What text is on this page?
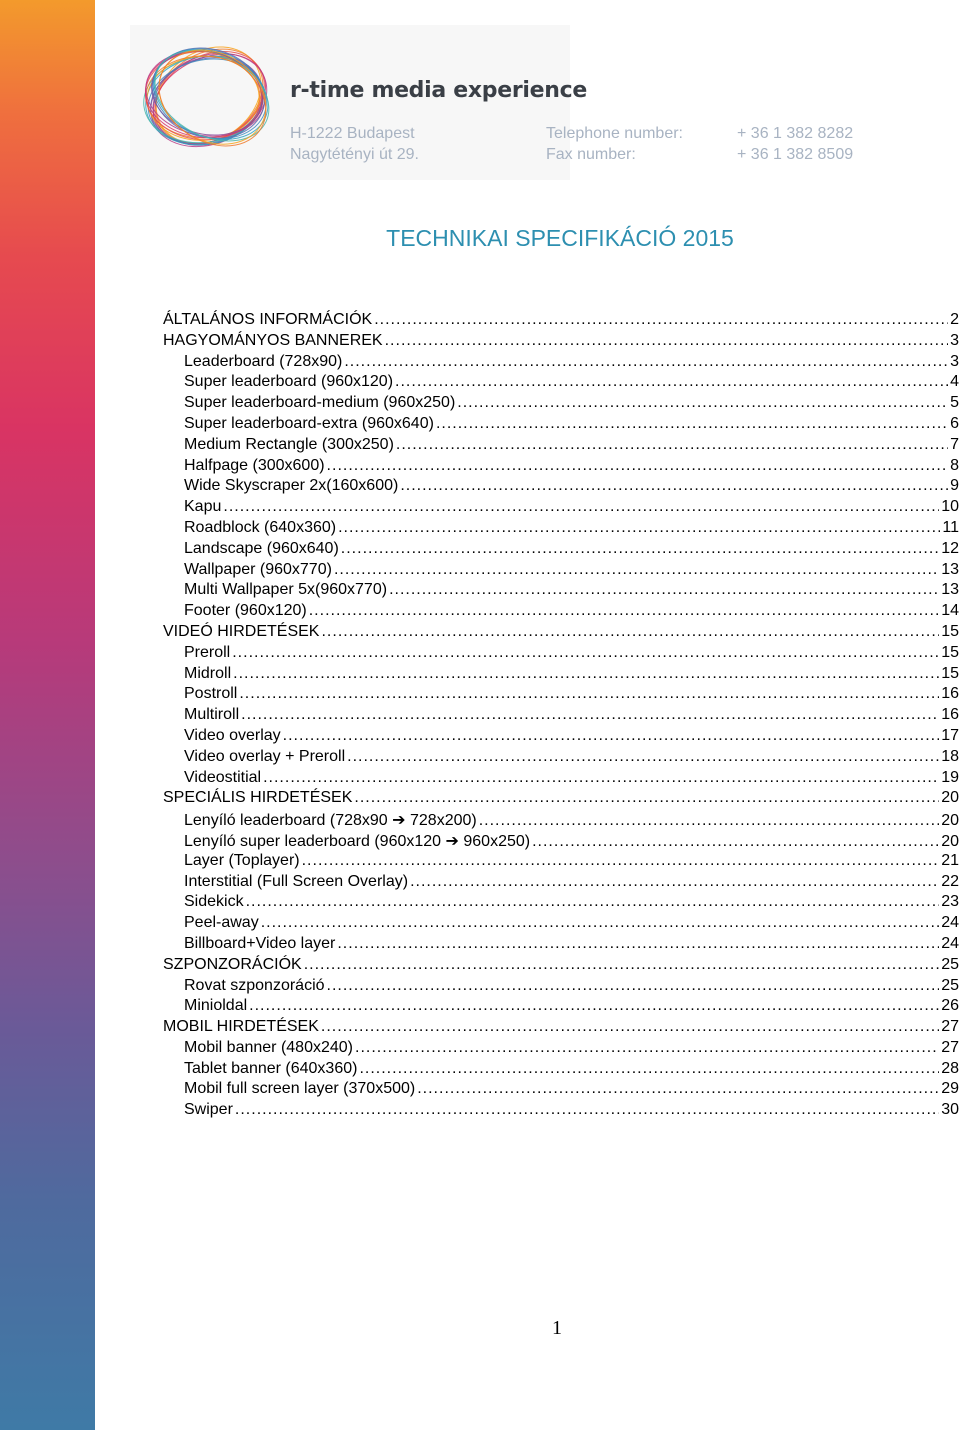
r-time media experience
H-1222 Budapest
Nagytétényi út 29.
Telephone number:
Fax number:
+ 36 1 382 8282
+ 36 1 382 8509
TECHNIKAI SPECIFIKÁCIÓ 2015
ÁLTALÁNOS INFORMÁCIÓK .....	2
HAGYOMÁNYOS BANNEREK .....	3
Leaderboard (728x90) .....	3
Super leaderboard (960x120) .....	4
Super leaderboard-medium (960x250) .....	5
Super leaderboard-extra (960x640) .....	6
Medium Rectangle (300x250) .....	7
Halfpage (300x600) .....	8
Wide Skyscraper 2x(160x600) .....	9
Kapu .....	10
Roadblock (640x360) .....	11
Landscape (960x640) .....	12
Wallpaper (960x770) .....	13
Multi Wallpaper 5x(960x770) .....	13
Footer (960x120) .....	14
VIDEÓ HIRDETÉSEK .....	15
Preroll .....	15
Midroll .....	15
Postroll .....	16
Multiroll .....	16
Video overlay .....	17
Video overlay + Preroll .....	18
Videostitial .....	19
SPECIÁLIS HIRDETÉSEK .....	20
Lenyíló leaderboard (728x90 ➔ 728x200) .....	20
Lenyíló super leaderboard (960x120 ➔ 960x250) .....	20
Layer (Toplayer) .....	21
Interstitial (Full Screen Overlay) .....	22
Sidekick .....	23
Peel-away .....	24
Billboard+Video layer .....	24
SZPONZORÁCIÓK .....	25
Rovat szponzoráció .....	25
Minioldal .....	26
MOBIL HIRDETÉSEK .....	27
Mobil banner (480x240) .....	27
Tablet banner (640x360) .....	28
Mobil full screen layer (370x500) .....	29
Swiper .....	30
1
